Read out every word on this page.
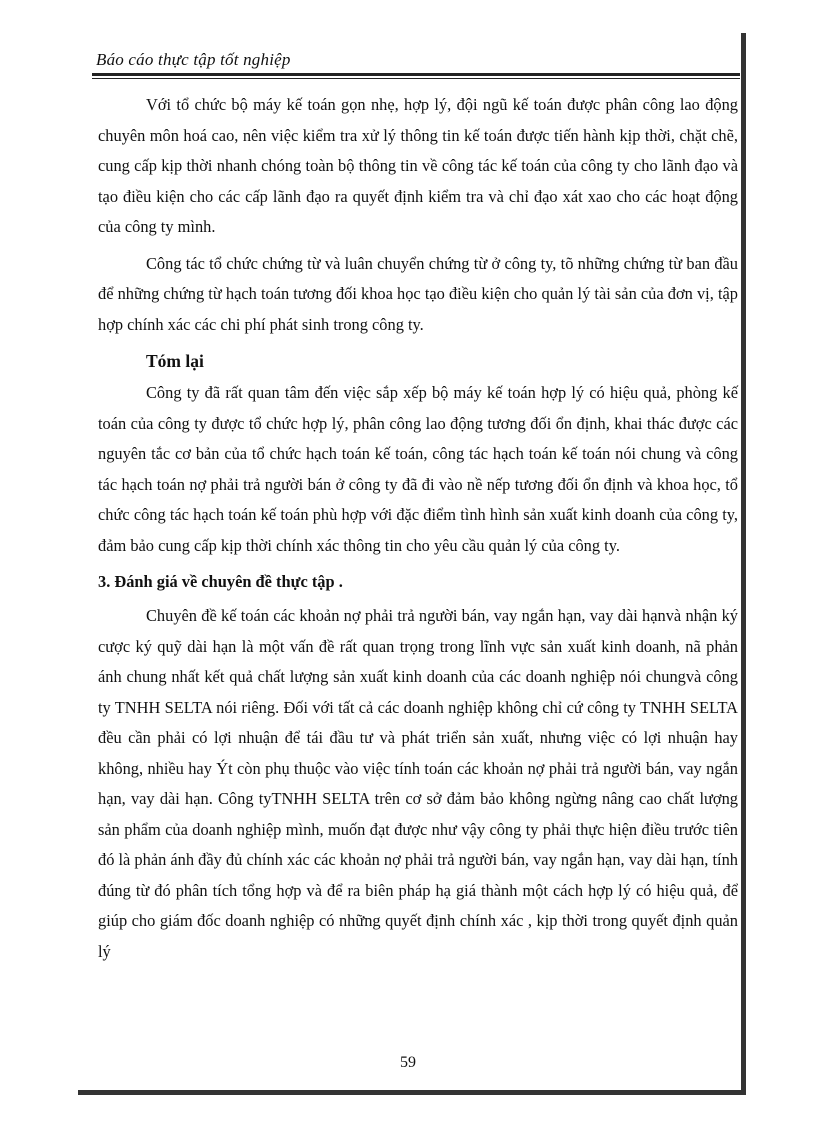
Báo cáo thực tập tốt nghiệp

Với tổ chức bộ máy kế toán gọn nhẹ, hợp lý, đội ngũ kế toán được phân công lao động chuyên môn hoá cao, nên việc kiểm tra xử lý thông tin kế toán được tiến hành kịp thời, chặt chẽ, cung cấp kịp thời nhanh chóng toàn bộ thông tin về công tác kế toán của công ty cho lãnh đạo và tạo điều kiện cho các cấp lãnh đạo ra quyết định kiểm tra và chỉ đạo xát xao cho các hoạt động của công ty mình.

Công tác tổ chức chứng từ và luân chuyển chứng từ ở công ty, tõ những chứng từ ban đầu để những chứng từ hạch toán tương đối khoa học tạo điều kiện cho quản lý tài sản của đơn vị, tập hợp chính xác các chi phí phát sinh trong công ty.

Tóm lại

Công ty đã rất quan tâm đến việc sắp xếp bộ máy kế toán hợp lý có hiệu quả, phòng kế toán của công ty được tổ chức hợp lý, phân công lao động tương đối ổn định, khai thác được các nguyên tắc cơ bản của tổ chức hạch toán kế toán, công tác hạch toán kế toán nói chung và công tác hạch toán nợ phải trả người bán ở công ty đã đi vào nề nếp tương đối ổn định và khoa học, tổ chức công tác hạch toán kế toán phù hợp với đặc điểm tình hình sản xuất kinh doanh của công ty, đảm bảo cung cấp kịp thời chính xác thông tin cho yêu cầu quản lý của công ty.

3. Đánh giá về chuyên đề thực tập .

Chuyên đề kế toán các khoản nợ phải trả người bán, vay ngắn hạn, vay dài hạnvà nhận ký cược ký quỹ dài hạn là một vấn đề rất quan trọng trong lĩnh vực sản xuất kinh doanh, nã phản ánh chung nhất kết quả chất lượng sản xuất kinh doanh của các doanh nghiệp nói chungvà công ty TNHH SELTA nói riêng. Đối với tất cả các doanh nghiệp không chỉ cứ công ty TNHH SELTA đều cần phải có lợi nhuận để tái đầu tư và phát triển sản xuất, nhưng việc có lợi nhuận hay không, nhiều hay Ýt còn phụ thuộc vào việc tính toán các khoản nợ phải trả người bán, vay ngắn hạn, vay dài hạn. Công tyTNHH SELTA trên cơ sở đảm bảo không ngừng nâng cao chất lượng sản phẩm của doanh nghiệp mình, muốn đạt được như vậy công ty phải thực hiện điều trước tiên đó là phản ánh đầy đủ chính xác các khoản nợ phải trả người bán, vay ngắn hạn, vay dài hạn, tính đúng từ đó phân tích tổng hợp và để ra biên pháp hạ giá thành một cách hợp lý có hiệu quả, để giúp cho giám đốc doanh nghiệp có những quyết định chính xác , kịp thời trong quyết định quản lý

59
